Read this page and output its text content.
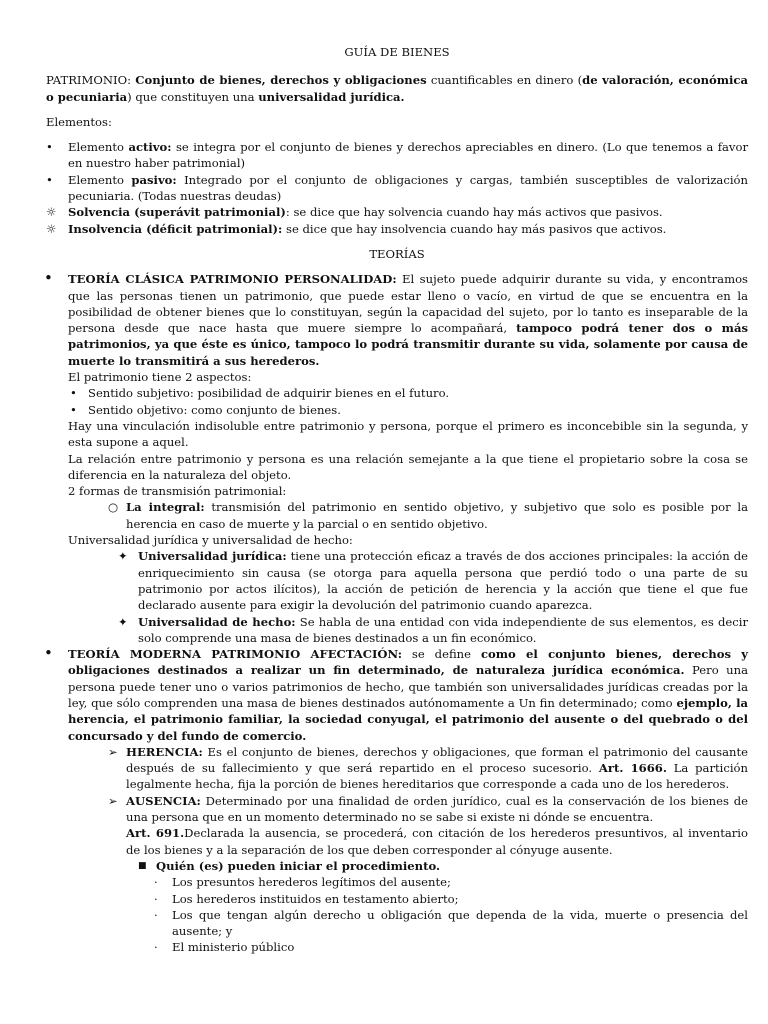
GUÍA DE BIENES

PATRIMONIO: Conjunto de bienes, derechos y obligaciones cuantificables en dinero (de valoración, económica o pecuniaria) que constituyen una universalidad jurídica.

Elementos:

• Elemento activo: se integra por el conjunto de bienes y derechos apreciables en dinero. (Lo que tenemos a favor en nuestro haber patrimonial)
• Elemento pasivo: Integrado por el conjunto de obligaciones y cargas, también susceptibles de valorización pecuniaria. (Todas nuestras deudas)
☼ Solvencia (superávit patrimonial): se dice que hay solvencia cuando hay más activos que pasivos.
☼ Insolvencia (déficit patrimonial): se dice que hay insolvencia cuando hay más pasivos que activos.

TEORÍAS

• TEORÍA CLÁSICA PATRIMONIO PERSONALIDAD: El sujeto puede adquirir durante su vida, y encontramos que las personas tienen un patrimonio, que puede estar lleno o vacío, en virtud de que se encuentra en la posibilidad de obtener bienes que lo constituyan, según la capacidad del sujeto, por lo tanto es inseparable de la persona desde que nace hasta que muere siempre lo acompañará, tampoco podrá tener dos o más patrimonios, ya que éste es único, tampoco lo podrá transmitir durante su vida, solamente por causa de muerte lo transmitirá a sus herederos.

El patrimonio tiene 2 aspectos:

• Sentido subjetivo: posibilidad de adquirir bienes en el futuro.
• Sentido objetivo: como conjunto de bienes.

Hay una vinculación indisoluble entre patrimonio y persona, porque el primero es inconcebible sin la segunda, y esta supone a aquel.

La relación entre patrimonio y persona es una relación semejante a la que tiene el propietario sobre la cosa se diferencia en la naturaleza del objeto.

2 formas de transmisión patrimonial:

○ La integral: transmisión del patrimonio en sentido objetivo, y subjetivo que solo es posible por la herencia en caso de muerte y la parcial o en sentido objetivo.

Universalidad jurídica y universalidad de hecho:

✦ Universalidad jurídica: tiene una protección eficaz a través de dos acciones principales: la acción de enriquecimiento sin causa (se otorga para aquella persona que perdió todo o una parte de su patrimonio por actos ilícitos), la acción de petición de herencia y la acción que tiene el que fue declarado ausente para exigir la devolución del patrimonio cuando aparezca.
✦ Universalidad de hecho: Se habla de una entidad con vida independiente de sus elementos, es decir solo comprende una masa de bienes destinados a un fin económico.
• TEORÍA MODERNA PATRIMONIO AFECTACIÓN: se define como el conjunto bienes, derechos y obligaciones destinados a realizar un fin determinado, de naturaleza jurídica económica. Pero una persona puede tener uno o varios patrimonios de hecho, que también son universalidades jurídicas creadas por la ley, que sólo comprenden una masa de bienes destinados autónomamente a Un fin determinado; como ejemplo, la herencia, el patrimonio familiar, la sociedad conyugal, el patrimonio del ausente o del quebrado o del concursado y del fundo de comercio.

➢ HERENCIA: Es el conjunto de bienes, derechos y obligaciones, que forman el patrimonio del causante después de su fallecimiento y que será repartido en el proceso sucesorio. Art. 1666. La partición legalmente hecha, fija la porción de bienes hereditarios que corresponde a cada uno de los herederos.
➢ AUSENCIA: Determinado por una finalidad de orden jurídico, cual es la conservación de los bienes de una persona que en un momento determinado no se sabe si existe ni dónde se encuentra.

Art. 691.Declarada la ausencia, se procederá, con citación de los herederos presuntivos, al inventario de los bienes y a la separación de los que deben corresponder al cónyuge ausente.

■ Quién (es) pueden iniciar el procedimiento.
· Los presuntos herederos legítimos del ausente;
· Los herederos instituidos en testamento abierto;
· Los que tengan algún derecho u obligación que dependa de la vida, muerte o presencia del ausente; y
· El ministerio público
